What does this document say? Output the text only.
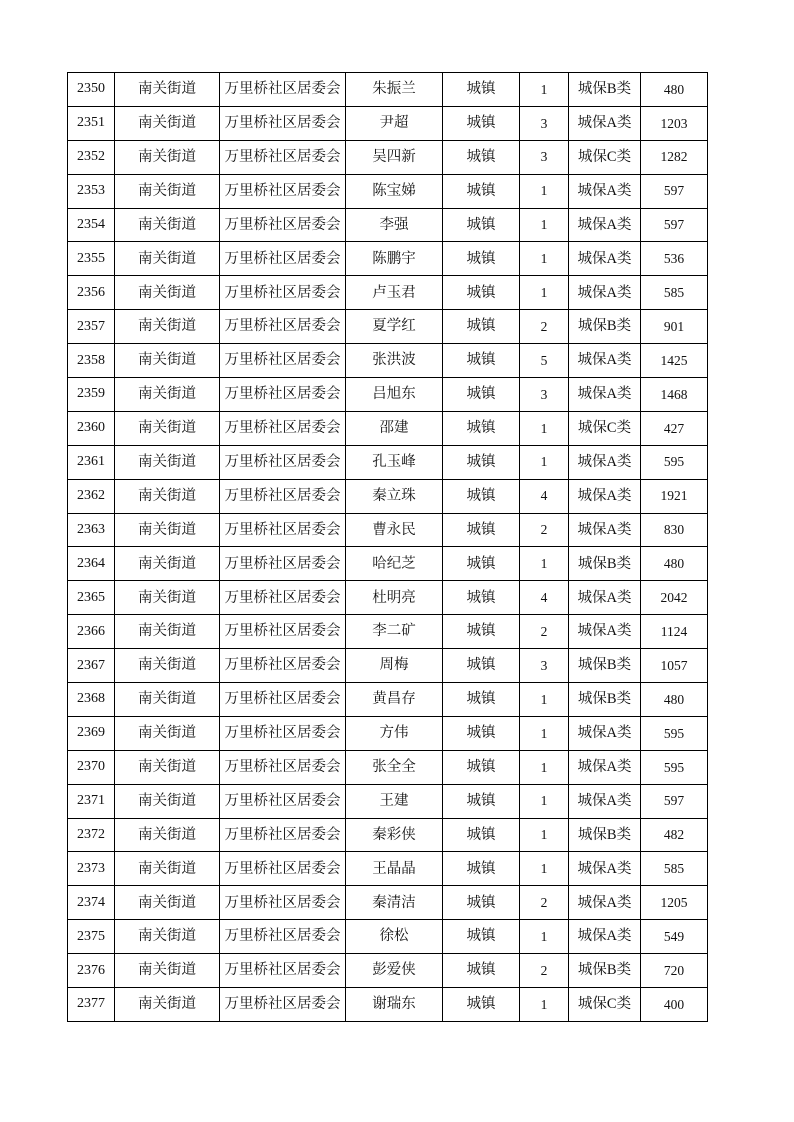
2350	南关街道	万里桥社区居委会	朱振兰	城镇	1	城保B类	480
2351	南关街道	万里桥社区居委会	尹超	城镇	3	城保A类	1203
2352	南关街道	万里桥社区居委会	吴四新	城镇	3	城保C类	1282
2353	南关街道	万里桥社区居委会	陈宝娣	城镇	1	城保A类	597
2354	南关街道	万里桥社区居委会	李强	城镇	1	城保A类	597
2355	南关街道	万里桥社区居委会	陈鹏宇	城镇	1	城保A类	536
2356	南关街道	万里桥社区居委会	卢玉君	城镇	1	城保A类	585
2357	南关街道	万里桥社区居委会	夏学红	城镇	2	城保B类	901
2358	南关街道	万里桥社区居委会	张洪波	城镇	5	城保A类	1425
2359	南关街道	万里桥社区居委会	吕旭东	城镇	3	城保A类	1468
2360	南关街道	万里桥社区居委会	邵建	城镇	1	城保C类	427
2361	南关街道	万里桥社区居委会	孔玉峰	城镇	1	城保A类	595
2362	南关街道	万里桥社区居委会	秦立珠	城镇	4	城保A类	1921
2363	南关街道	万里桥社区居委会	曹永民	城镇	2	城保A类	830
2364	南关街道	万里桥社区居委会	哈纪芝	城镇	1	城保B类	480
2365	南关街道	万里桥社区居委会	杜明亮	城镇	4	城保A类	2042
2366	南关街道	万里桥社区居委会	李二矿	城镇	2	城保A类	1124
2367	南关街道	万里桥社区居委会	周梅	城镇	3	城保B类	1057
2368	南关街道	万里桥社区居委会	黄昌存	城镇	1	城保B类	480
2369	南关街道	万里桥社区居委会	方伟	城镇	1	城保A类	595
2370	南关街道	万里桥社区居委会	张全全	城镇	1	城保A类	595
2371	南关街道	万里桥社区居委会	王建	城镇	1	城保A类	597
2372	南关街道	万里桥社区居委会	秦彩侠	城镇	1	城保B类	482
2373	南关街道	万里桥社区居委会	王晶晶	城镇	1	城保A类	585
2374	南关街道	万里桥社区居委会	秦清洁	城镇	2	城保A类	1205
2375	南关街道	万里桥社区居委会	徐松	城镇	1	城保A类	549
2376	南关街道	万里桥社区居委会	彭爱侠	城镇	2	城保B类	720
2377	南关街道	万里桥社区居委会	谢瑞东	城镇	1	城保C类	400
